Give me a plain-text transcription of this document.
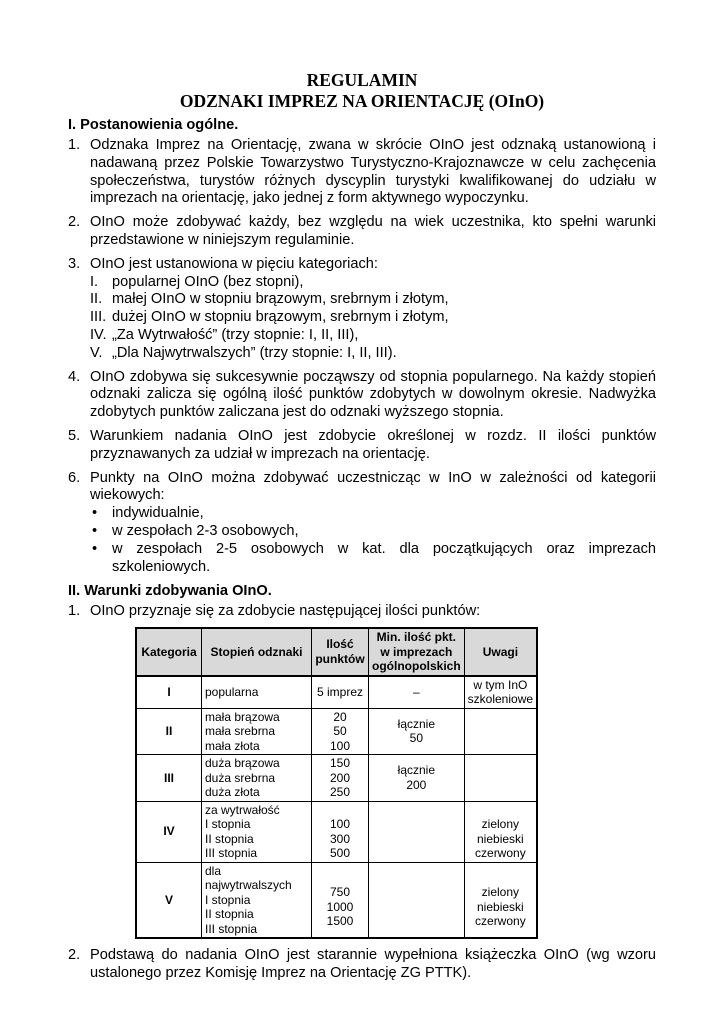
REGULAMIN
ODZNAKI IMPREZ NA ORIENTACJĘ (OInO)
I. Postanowienia ogólne.
1. Odznaka Imprez na Orientację, zwana w skrócie OInO jest odznaką ustanowioną i nadawaną przez Polskie Towarzystwo Turystyczno-Krajoznawcze w celu zachęcenia społeczeństwa, turystów różnych dyscyplin turystyki kwalifikowanej do udziału w imprezach na orientację, jako jednej z form aktywnego wypoczynku.
2. OInO może zdobywać każdy, bez względu na wiek uczestnika, kto spełni warunki przedstawione w niniejszym regulaminie.
3. OInO jest ustanowiona w pięciu kategoriach:
I. popularnej OInO (bez stopni),
II. małej OInO w stopniu brązowym, srebrnym i złotym,
III. dużej OInO w stopniu brązowym, srebrnym i złotym,
IV. „Za Wytrwałość” (trzy stopnie: I, II, III),
V. „Dla Najwytrwalszych” (trzy stopnie: I, II, III).
4. OInO zdobywa się sukcesywnie począwszy od stopnia popularnego. Na każdy stopień odznaki zalicza się ogólną ilość punktów zdobytych w dowolnym okresie. Nadwyżka zdobytych punktów zaliczana jest do odznaki wyższego stopnia.
5. Warunkiem nadania OInO jest zdobycie określonej w rozdz. II ilości punktów przyznawanych za udział w imprezach na orientację.
6. Punkty na OInO można zdobywać uczestnicząc w InO w zależności od kategorii wiekowych:
• indywidualnie,
• w zespołach 2-3 osobowych,
• w zespołach 2-5 osobowych w kat. dla początkujących oraz imprezach szkoleniowych.
II. Warunki zdobywania OInO.
1. OInO przyznaje się za zdobycie następującej ilości punktów:
Kategoria	Stopień odznaki	Ilość
punktów	Min. ilość pkt.
w imprezach
ogólnopolskich	Uwagi
I	popularna	5 imprez	–	w tym InO
szkoleniowe

II	mała brązowa
mała srebrna
mała złota	20
50
100	łącznie
50	

III	duża brązowa
duża srebrna
duża złota	150
200
250	łącznie
200	

IV	za wytrwałość
I stopnia
II stopnia
III stopnia	100
300
500		zielony
niebieski
czerwony

V	dla najwytrwalszych
I stopnia
II stopnia
III stopnia	750
1000
1500		zielony
niebieski
czerwony
2. Podstawą do nadania OInO jest starannie wypełniona książeczka OInO (wg wzoru ustalonego przez Komisję Imprez na Orientację ZG PTTK).
